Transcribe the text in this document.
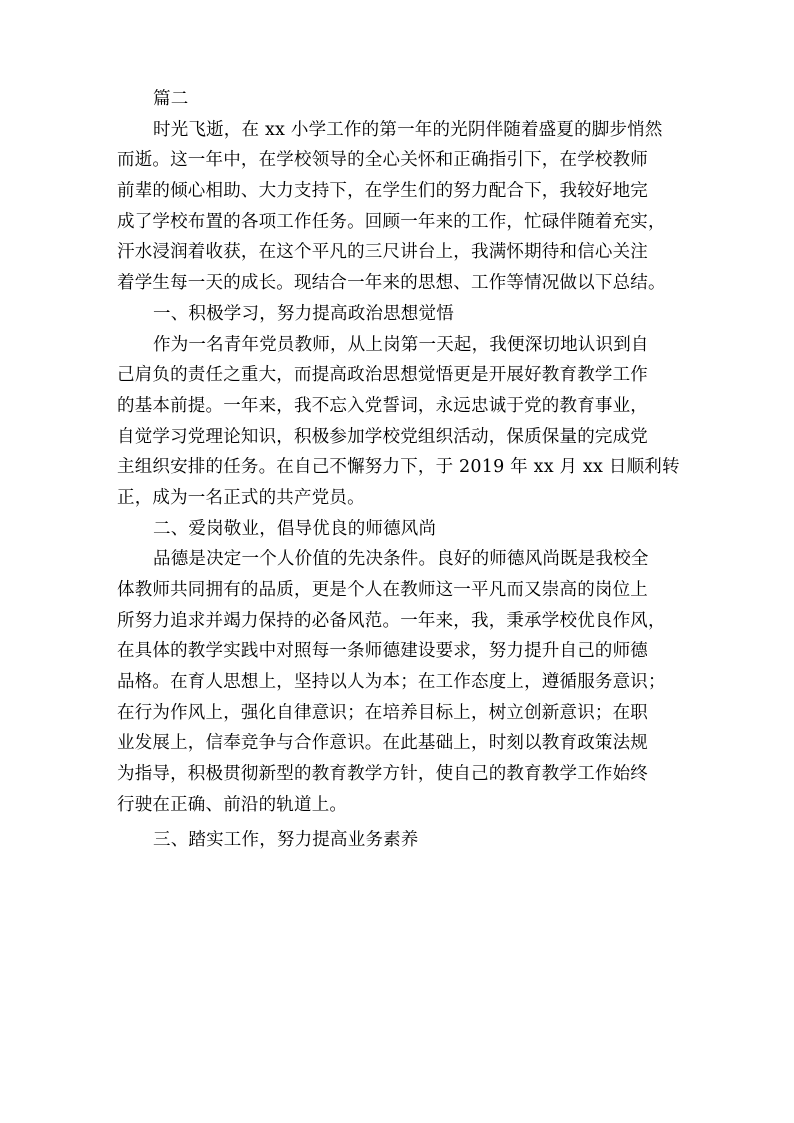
篇二

时光飞逝，在 xx 小学工作的第一年的光阴伴随着盛夏的脚步悄然

而逝。这一年中，在学校领导的全心关怀和正确指引下，在学校教师

前辈的倾心相助、大力支持下，在学生们的努力配合下，我较好地完

成了学校布置的各项工作任务。回顾一年来的工作，忙碌伴随着充实，

汗水浸润着收获，在这个平凡的三尺讲台上，我满怀期待和信心关注

着学生每一天的成长。现结合一年来的思想、工作等情况做以下总结。

一、积极学习，努力提高政治思想觉悟

作为一名青年党员教师，从上岗第一天起，我便深切地认识到自

己肩负的责任之重大，而提高政治思想觉悟更是开展好教育教学工作

的基本前提。一年来，我不忘入党誓词，永远忠诚于党的教育事业，

自觉学习党理论知识，积极参加学校党组织活动，保质保量的完成党

主组织安排的任务。在自己不懈努力下，于 2019 年 xx 月 xx 日顺利转

正，成为一名正式的共产党员。

二、爱岗敬业，倡导优良的师德风尚

品德是决定一个人价值的先决条件。良好的师德风尚既是我校全

体教师共同拥有的品质，更是个人在教师这一平凡而又崇高的岗位上

所努力追求并竭力保持的必备风范。一年来，我，秉承学校优良作风，

在具体的教学实践中对照每一条师德建设要求，努力提升自己的师德

品格。在育人思想上，坚持以人为本；在工作态度上，遵循服务意识；

在行为作风上，强化自律意识；在培养目标上，树立创新意识；在职

业发展上，信奉竞争与合作意识。在此基础上，时刻以教育政策法规

为指导，积极贯彻新型的教育教学方针，使自己的教育教学工作始终

行驶在正确、前沿的轨道上。

三、踏实工作，努力提高业务素养
